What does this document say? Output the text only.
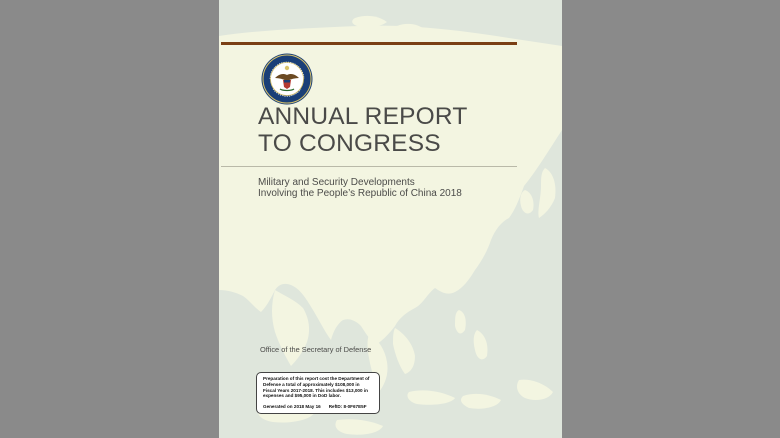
ANNUAL REPORT
TO CONGRESS
Military and Security Developments
Involving the People’s Republic of China 2018
Office of the Secretary of Defense
Preparation of this report cost the Department of
Defense a total of approximately $108,000 in
Fiscal Years 2017-2018. This includes $13,000 in
expenses and $95,000 in DoD labor.
Generated on 2018 May 16 RefID: 8-0F67E5F
